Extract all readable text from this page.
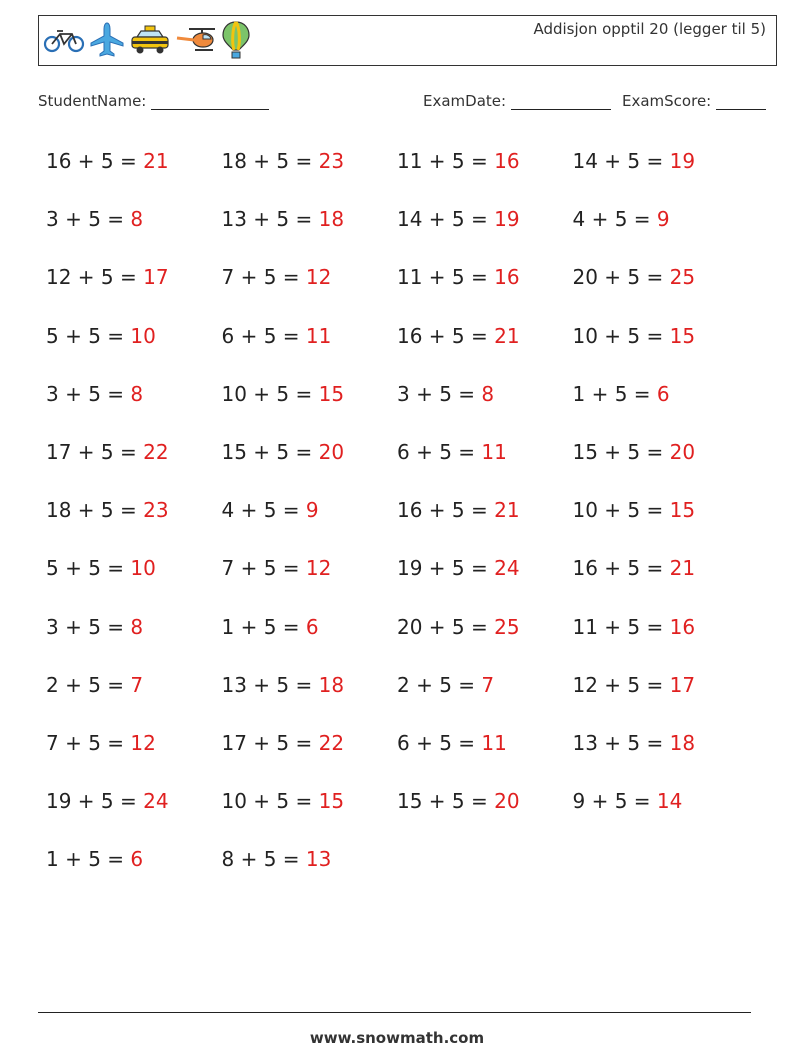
Addisjon opptil 20 (legger til 5)
StudentName:	ExamDate:	ExamScore:
16 + 5 = 21	18 + 5 = 23	11 + 5 = 16	14 + 5 = 19
3 + 5 = 8	13 + 5 = 18	14 + 5 = 19	4 + 5 = 9
12 + 5 = 17	7 + 5 = 12	11 + 5 = 16	20 + 5 = 25
5 + 5 = 10	6 + 5 = 11	16 + 5 = 21	10 + 5 = 15
3 + 5 = 8	10 + 5 = 15	3 + 5 = 8	1 + 5 = 6
17 + 5 = 22	15 + 5 = 20	6 + 5 = 11	15 + 5 = 20
18 + 5 = 23	4 + 5 = 9	16 + 5 = 21	10 + 5 = 15
5 + 5 = 10	7 + 5 = 12	19 + 5 = 24	16 + 5 = 21
3 + 5 = 8	1 + 5 = 6	20 + 5 = 25	11 + 5 = 16
2 + 5 = 7	13 + 5 = 18	2 + 5 = 7	12 + 5 = 17
7 + 5 = 12	17 + 5 = 22	6 + 5 = 11	13 + 5 = 18
19 + 5 = 24	10 + 5 = 15	15 + 5 = 20	9 + 5 = 14
1 + 5 = 6	8 + 5 = 13
www.snowmath.com
